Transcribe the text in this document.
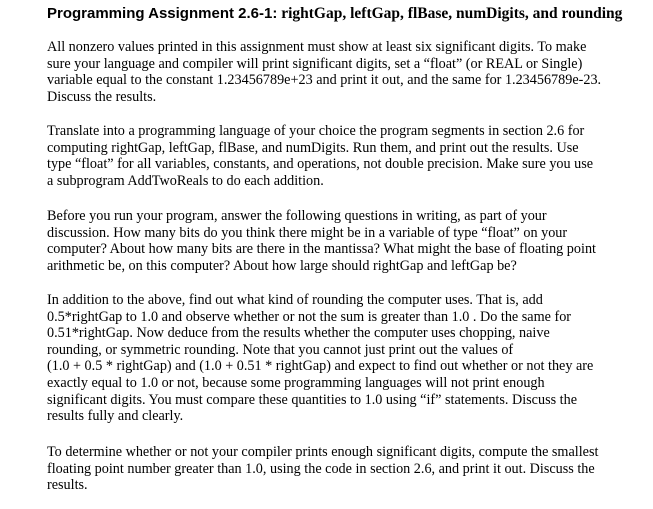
Programming Assignment 2.6-1: rightGap, leftGap, flBase, numDigits, and rounding
All nonzero values printed in this assignment must show at least six significant digits. To make
sure your language and compiler will print significant digits, set a “float” (or REAL or Single)
variable equal to the constant 1.23456789e+23 and print it out, and the same for 1.23456789e-23.
Discuss the results.
Translate into a programming language of your choice the program segments in section 2.6 for
computing rightGap, leftGap, flBase, and numDigits. Run them, and print out the results. Use
type “float” for all variables, constants, and operations, not double precision. Make sure you use
a subprogram AddTwoReals to do each addition.
Before you run your program, answer the following questions in writing, as part of your
discussion. How many bits do you think there might be in a variable of type “float” on your
computer? About how many bits are there in the mantissa? What might the base of floating point
arithmetic be, on this computer? About how large should rightGap and leftGap be?
In addition to the above, find out what kind of rounding the computer uses. That is, add
0.5*rightGap to 1.0 and observe whether or not the sum is greater than 1.0 . Do the same for
0.51*rightGap. Now deduce from the results whether the computer uses chopping, naive
rounding, or symmetric rounding. Note that you cannot just print out the values of
(1.0 + 0.5 * rightGap) and (1.0 + 0.51 * rightGap) and expect to find out whether or not they are
exactly equal to 1.0 or not, because some programming languages will not print enough
significant digits. You must compare these quantities to 1.0 using “if” statements. Discuss the
results fully and clearly.
To determine whether or not your compiler prints enough significant digits, compute the smallest
floating point number greater than 1.0, using the code in section 2.6, and print it out. Discuss the
results.
